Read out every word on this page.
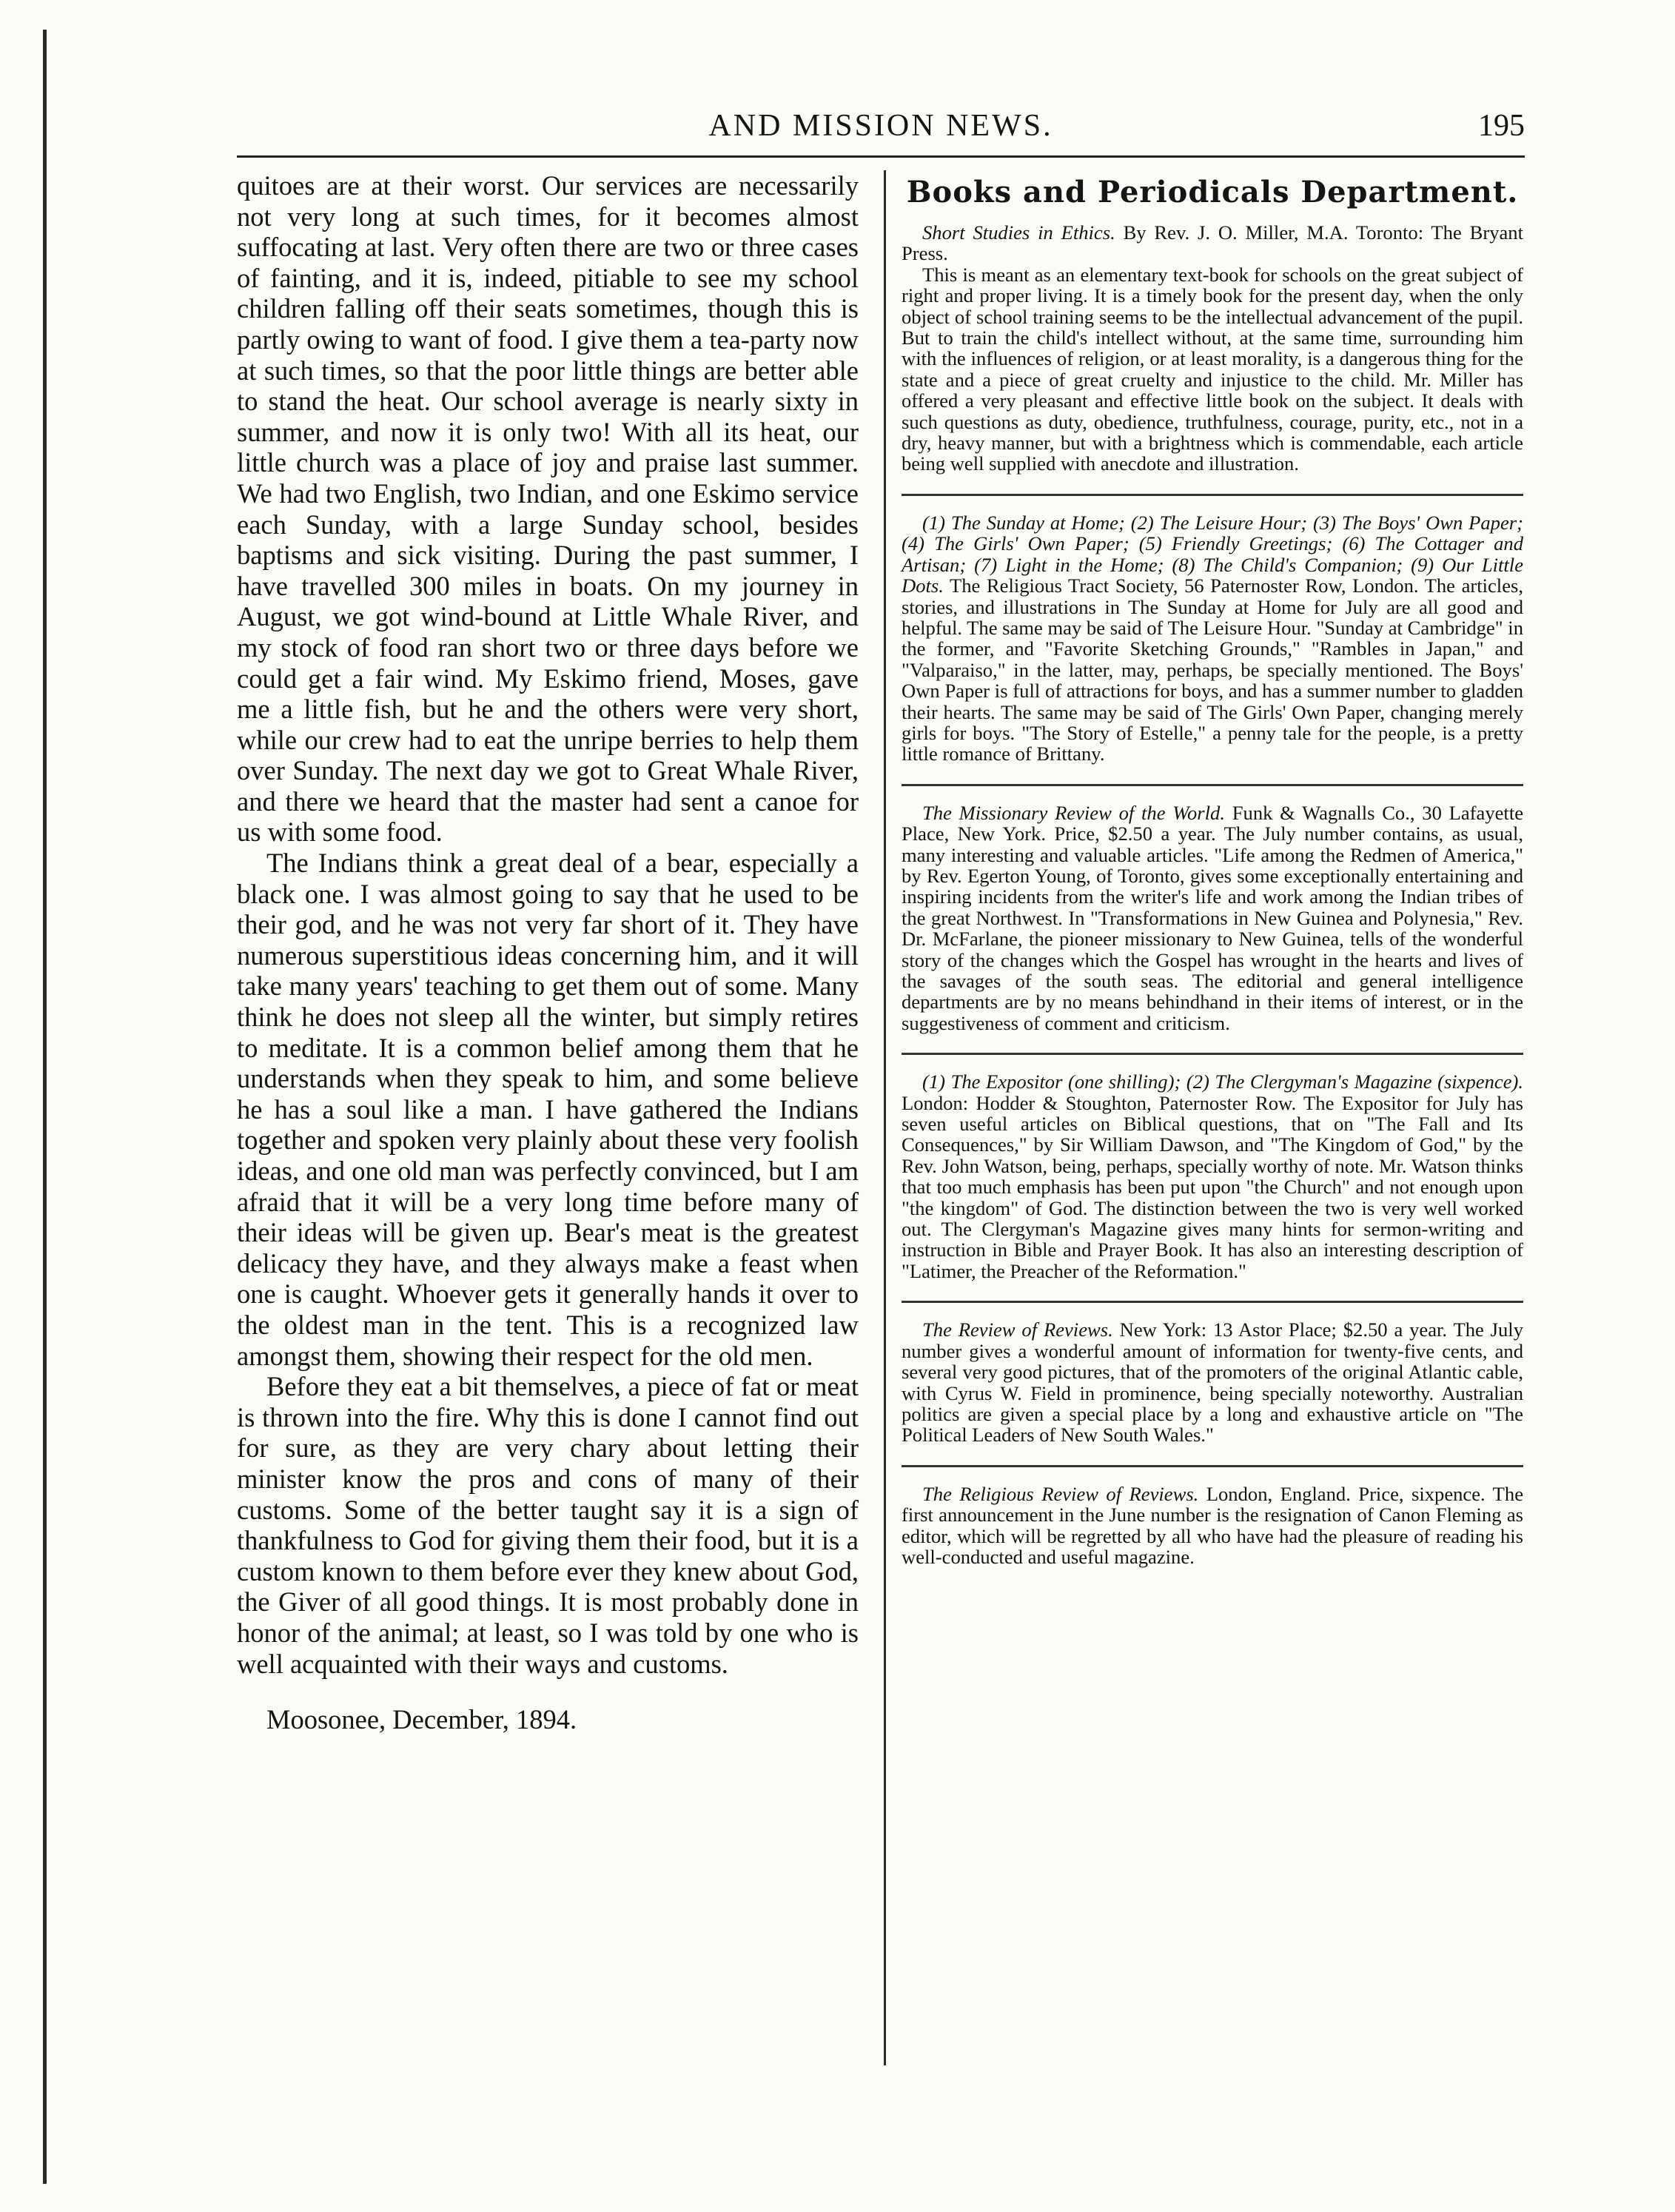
AND MISSION NEWS.	195

quitoes are at their worst. Our services are necessarily not very long at such times, for it becomes almost suffocating at last. Very often there are two or three cases of fainting, and it is, indeed, pitiable to see my school children falling off their seats sometimes, though this is partly owing to want of food. I give them a tea-party now at such times, so that the poor little things are better able to stand the heat. Our school average is nearly sixty in summer, and now it is only two! With all its heat, our little church was a place of joy and praise last summer. We had two English, two Indian, and one Eskimo service each Sunday, with a large Sunday school, besides baptisms and sick visiting. During the past summer, I have travelled 300 miles in boats. On my journey in August, we got wind-bound at Little Whale River, and my stock of food ran short two or three days before we could get a fair wind. My Eskimo friend, Moses, gave me a little fish, but he and the others were very short, while our crew had to eat the unripe berries to help them over Sunday. The next day we got to Great Whale River, and there we heard that the master had sent a canoe for us with some food.

The Indians think a great deal of a bear, especially a black one. I was almost going to say that he used to be their god, and he was not very far short of it. They have numerous superstitious ideas concerning him, and it will take many years' teaching to get them out of some. Many think he does not sleep all the winter, but simply retires to meditate. It is a common belief among them that he understands when they speak to him, and some believe he has a soul like a man. I have gathered the Indians together and spoken very plainly about these very foolish ideas, and one old man was perfectly convinced, but I am afraid that it will be a very long time before many of their ideas will be given up. Bear's meat is the greatest delicacy they have, and they always make a feast when one is caught. Whoever gets it generally hands it over to the oldest man in the tent. This is a recognized law amongst them, showing their respect for the old men.

Before they eat a bit themselves, a piece of fat or meat is thrown into the fire. Why this is done I cannot find out for sure, as they are very chary about letting their minister know the pros and cons of many of their customs. Some of the better taught say it is a sign of thankfulness to God for giving them their food, but it is a custom known to them before ever they knew about God, the Giver of all good things. It is most probably done in honor of the animal; at least, so I was told by one who is well acquainted with their ways and customs.

Moosonee, December, 1894.

Books and Periodicals Department.

Short Studies in Ethics. By Rev. J. O. Miller, M.A. Toronto: The Bryant Press.

This is meant as an elementary text-book for schools on the great subject of right and proper living. It is a timely book for the present day, when the only object of school training seems to be the intellectual advancement of the pupil. But to train the child's intellect without, at the same time, surrounding him with the influences of religion, or at least morality, is a dangerous thing for the state and a piece of great cruelty and injustice to the child. Mr. Miller has offered a very pleasant and effective little book on the subject. It deals with such questions as duty, obedience, truthfulness, courage, purity, etc., not in a dry, heavy manner, but with a brightness which is commendable, each article being well supplied with anecdote and illustration.

(1) The Sunday at Home; (2) The Leisure Hour; (3) The Boys' Own Paper; (4) The Girls' Own Paper; (5) Friendly Greetings; (6) The Cottager and Artisan; (7) Light in the Home; (8) The Child's Companion; (9) Our Little Dots. The Religious Tract Society, 56 Paternoster Row, London. The articles, stories, and illustrations in The Sunday at Home for July are all good and helpful. The same may be said of The Leisure Hour. "Sunday at Cambridge" in the former, and "Favorite Sketching Grounds," "Rambles in Japan," and "Valparaiso," in the latter, may, perhaps, be specially mentioned. The Boys' Own Paper is full of attractions for boys, and has a summer number to gladden their hearts. The same may be said of The Girls' Own Paper, changing merely girls for boys. "The Story of Estelle," a penny tale for the people, is a pretty little romance of Brittany.

The Missionary Review of the World. Funk & Wagnalls Co., 30 Lafayette Place, New York. Price, $2.50 a year. The July number contains, as usual, many interesting and valuable articles. "Life among the Redmen of America," by Rev. Egerton Young, of Toronto, gives some exceptionally entertaining and inspiring incidents from the writer's life and work among the Indian tribes of the great Northwest. In "Transformations in New Guinea and Polynesia," Rev. Dr. McFarlane, the pioneer missionary to New Guinea, tells of the wonderful story of the changes which the Gospel has wrought in the hearts and lives of the savages of the south seas. The editorial and general intelligence departments are by no means behindhand in their items of interest, or in the suggestiveness of comment and criticism.

(1) The Expositor (one shilling); (2) The Clergyman's Magazine (sixpence). London: Hodder & Stoughton, Paternoster Row. The Expositor for July has seven useful articles on Biblical questions, that on "The Fall and Its Consequences," by Sir William Dawson, and "The Kingdom of God," by the Rev. John Watson, being, perhaps, specially worthy of note. Mr. Watson thinks that too much emphasis has been put upon "the Church" and not enough upon "the kingdom" of God. The distinction between the two is very well worked out. The Clergyman's Magazine gives many hints for sermon-writing and instruction in Bible and Prayer Book. It has also an interesting description of "Latimer, the Preacher of the Reformation."

The Review of Reviews. New York: 13 Astor Place; $2.50 a year. The July number gives a wonderful amount of information for twenty-five cents, and several very good pictures, that of the promoters of the original Atlantic cable, with Cyrus W. Field in prominence, being specially noteworthy. Australian politics are given a special place by a long and exhaustive article on "The Political Leaders of New South Wales."

The Religious Review of Reviews. London, England. Price, sixpence. The first announcement in the June number is the resignation of Canon Fleming as editor, which will be regretted by all who have had the pleasure of reading his well-conducted and useful magazine.
